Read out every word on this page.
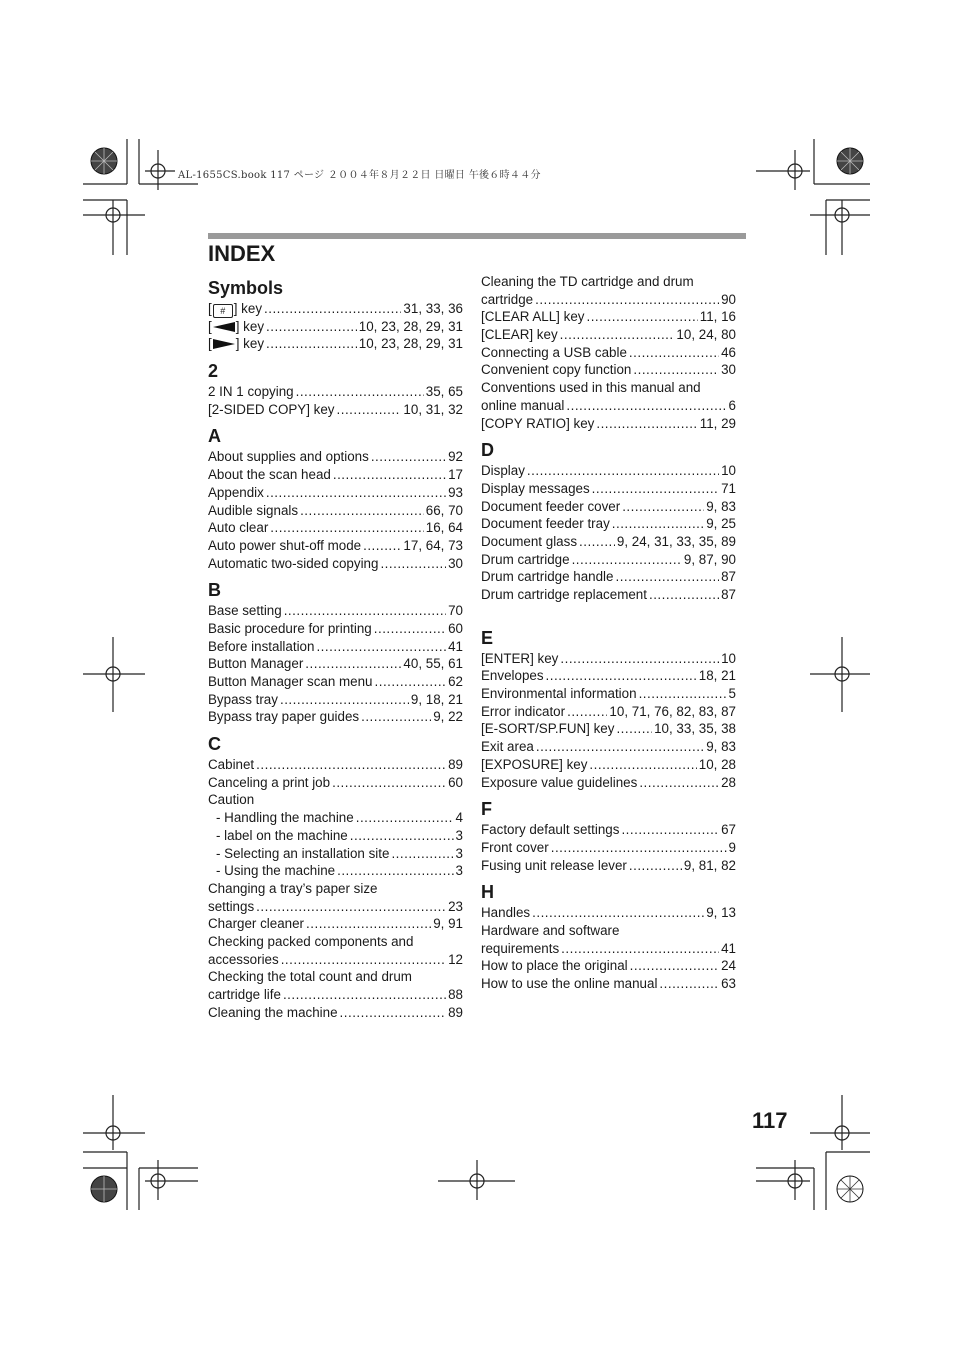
AL-1655CS.book 117 ページ ２００４年８月２２日 日曜日 午後６時４４分
INDEX
Symbols
[ # ] key .....	31, 33, 36
[ ] key .....	10, 23, 28, 29, 31
[ ] key .....	10, 23, 28, 29, 31
2
2 IN 1 copying .....	35, 65
[2-SIDED COPY] key .....	10, 31, 32
A
About supplies and options .....	92
About the scan head .....	17
Appendix .....	93
Audible signals .....	66, 70
Auto clear .....	16, 64
Auto power shut-off mode .....	17, 64, 73
Automatic two-sided copying .....	30
B
Base setting .....	70
Basic procedure for printing .....	60
Before installation .....	41
Button Manager .....	40, 55, 61
Button Manager scan menu .....	62
Bypass tray .....	9, 18, 21
Bypass tray paper guides .....	9, 22
C
Cabinet .....	89
Canceling a print job .....	60
Caution
- Handling the machine .....	4
- label on the machine .....	3
- Selecting an installation site .....	3
- Using the machine .....	3
Changing a tray’s paper size
settings .....	23
Charger cleaner .....	9, 91
Checking packed components and
accessories .....	12
Checking the total count and drum
cartridge life .....	88
Cleaning the machine .....	89
Cleaning the TD cartridge and drum
cartridge .....	90
[CLEAR ALL] key .....	11, 16
[CLEAR] key .....	10, 24, 80
Connecting a USB cable .....	46
Convenient copy function .....	30
Conventions used in this manual and
online manual .....	6
[COPY RATIO] key .....	11, 29
D
Display .....	10
Display messages .....	71
Document feeder cover .....	9, 83
Document feeder tray .....	9, 25
Document glass .....	9, 24, 31, 33, 35, 89
Drum cartridge .....	9, 87, 90
Drum cartridge handle .....	87
Drum cartridge replacement .....	87
E
[ENTER] key .....	10
Envelopes .....	18, 21
Environmental information .....	5
Error indicator .....	10, 71, 76, 82, 83, 87
[E-SORT/SP.FUN] key .....	10, 33, 35, 38
Exit area .....	9, 83
[EXPOSURE] key .....	10, 28
Exposure value guidelines .....	28
F
Factory default settings .....	67
Front cover .....	9
Fusing unit release lever .....	9, 81, 82
H
Handles .....	9, 13
Hardware and software
requirements .....	41
How to place the original .....	24
How to use the online manual .....	63
117
